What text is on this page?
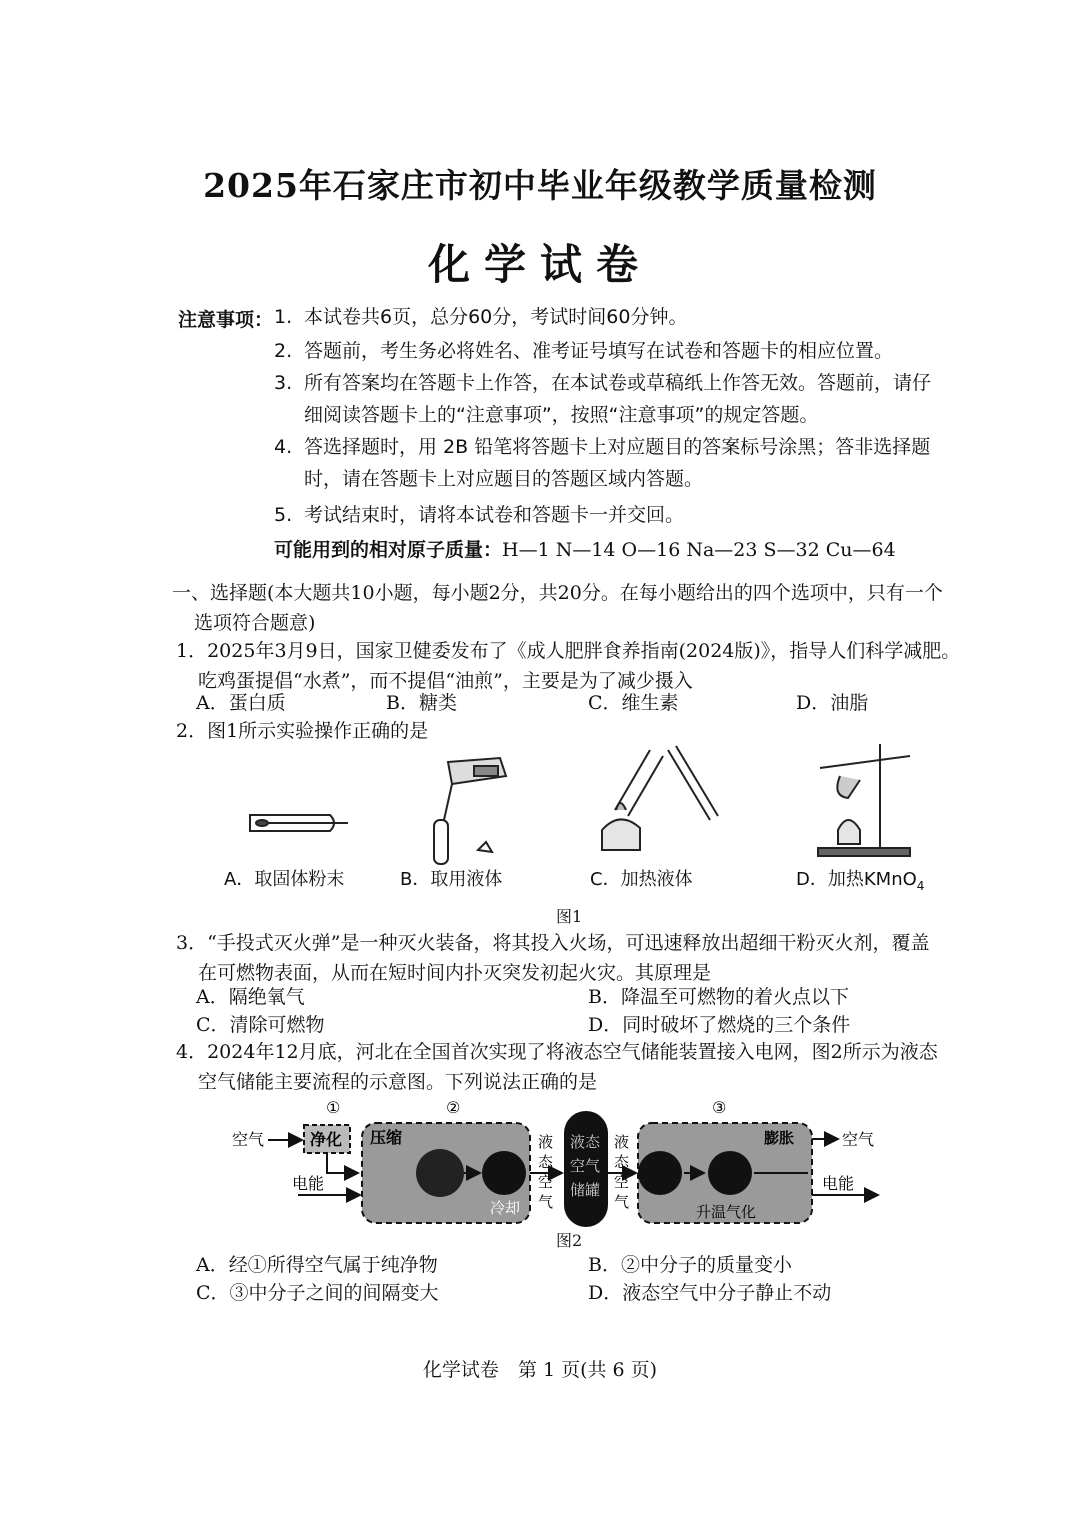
2025年石家庄市初中毕业年级教学质量检测
化学试卷
注意事项： 1. 本试卷共6页，总分60分，考试时间60分钟。
2. 答题前，考生务必将姓名、准考证号填写在试卷和答题卡的相应位置。
3. 所有答案均在答题卡上作答，在本试卷或草稿纸上作答无效。答题前，请仔
细阅读答题卡上的“注意事项”，按照“注意事项”的规定答题。
4. 答选择题时，用 2B 铅笔将答题卡上对应题目的答案标号涂黑；答非选择题
时，请在答题卡上对应题目的答题区域内答题。
5. 考试结束时，请将本试卷和答题卡一并交回。
可能用到的相对原子质量：H—1 N—14 O—16 Na—23 S—32 Cu—64
一、选择题(本大题共10小题，每小题2分，共20分。在每小题给出的四个选项中，只有一个
选项符合题意)
1．2025年3月9日，国家卫健委发布了《成人肥胖食养指南(2024版)》，指导人们科学减肥。
吃鸡蛋提倡“水煮”，而不提倡“油煎”，主要是为了减少摄入
A．蛋白质	B．糖类	C．维生素	D．油脂
2．图1所示实验操作正确的是
A．取固体粉末	B．取用液体	C．加热液体	D．加热KMnO$_4$
图1
3．“手投式灭火弹”是一种灭火装备，将其投入火场，可迅速释放出超细干粉灭火剂，覆盖
在可燃物表面，从而在短时间内扑灭突发初起火灾。其原理是
A．隔绝氧气	B．降温至可燃物的着火点以下
C．清除可燃物	D．同时破坏了燃烧的三个条件
4．2024年12月底，河北在全国首次实现了将液态空气储能装置接入电网，图2所示为液态
空气储能主要流程的示意图。下列说法正确的是
①	②	③
空气
电能
净化 压缩
冷却
液
态
空
气
液态
空气
储罐
液
态
空
气
膨胀
升温气化
空气
电能
图2
A．经①所得空气属于纯净物	B．②中分子的质量变小
C．③中分子之间的间隔变大	D．液态空气中分子静止不动
化学试卷　第 1 页(共 6 页)
